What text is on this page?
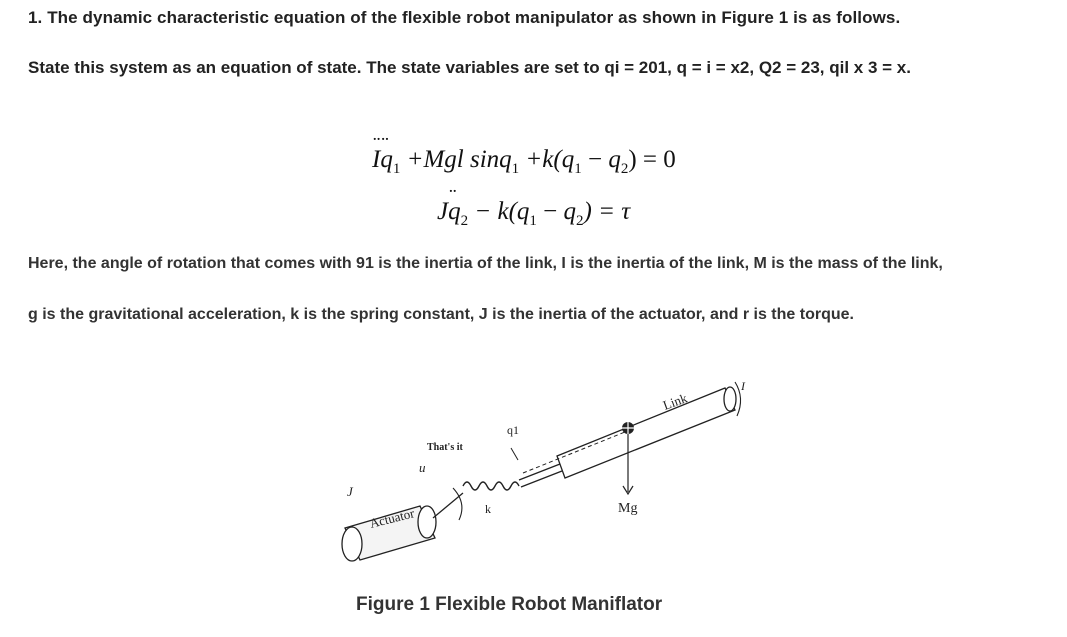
1. The dynamic characteristic equation of the flexible robot manipulator as shown in Figure 1 is as follows.
State this system as an equation of state. The state variables are set to qi = 201, q = i = x2, Q2 = 23, qil x 3 = x.
¨ I¨ $q_1 +Mgl$ $\sin q_1 +k(q_1 - q_2) = 0$
J¨ $q_2 - k(q_1 - q_2) = \tau$
Here, the angle of rotation that comes with 91 is the inertia of the link, I is the inertia of the link, M is the mass of the link,
g is the gravitational acceleration, k is the spring constant, J is the inertia of the actuator, and r is the torque.
J
u
That's it
Actuator	k
q1
Link
I
Mg
Figure 1 Flexible Robot Maniflator
